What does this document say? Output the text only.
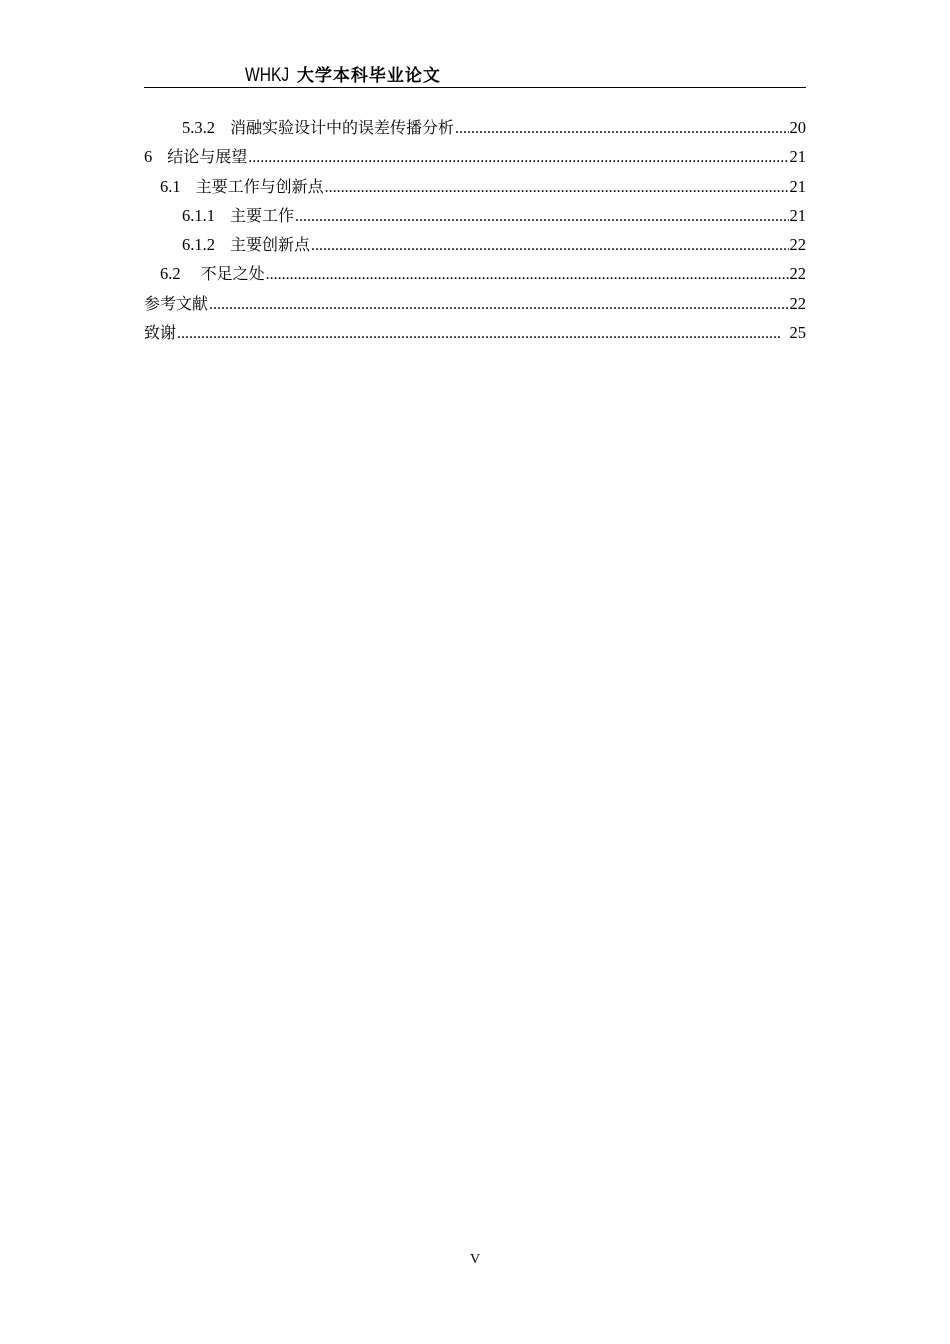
WHKJ 大学本科毕业论文
5.3.2 消融实验设计中的误差传播分析 .....	20
6 结论与展望 .....	21
6.1 主要工作与创新点 .....	21
6.1.1 主要工作 .....	21
6.1.2 主要创新点 .....	22
6.2 不足之处 .....	22
参考文献 .....	22
致谢 .....	25
V
